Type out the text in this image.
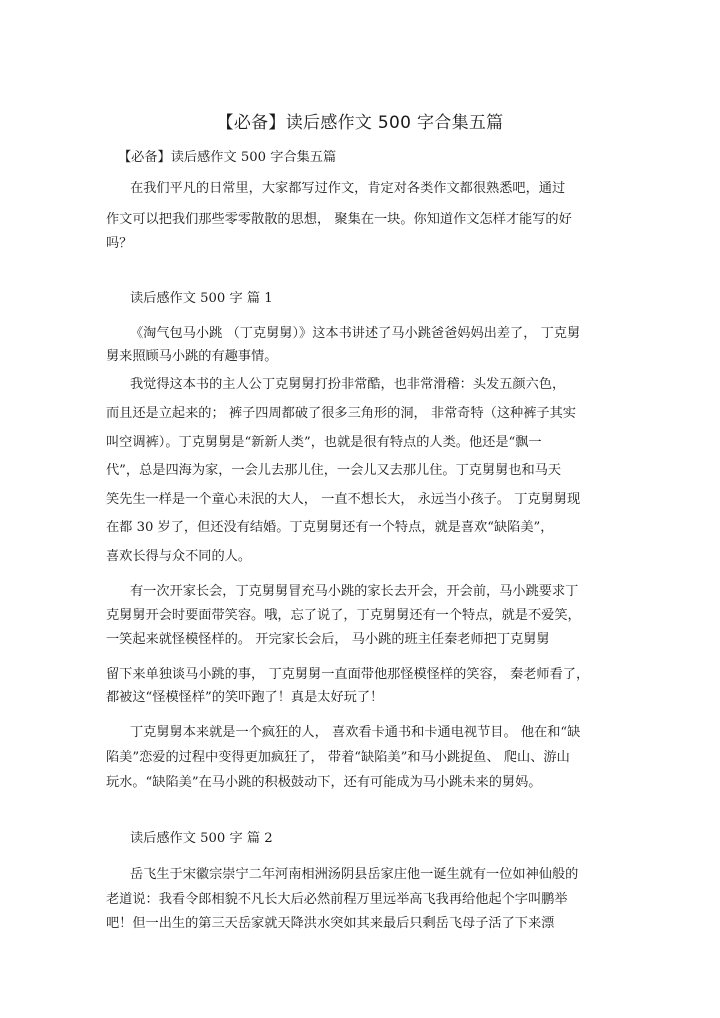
【必备】读后感作文 500 字合集五篇
【必备】读后感作文 500 字合集五篇
在我们平凡的日常里，大家都写过作文，肯定对各类作文都很熟悉吧，通过
作文可以把我们那些零零散散的思想， 聚集在一块。你知道作文怎样才能写的好
吗？
读后感作文 500 字 篇 1
《淘气包马小跳 （丁克舅舅）》这本书讲述了马小跳爸爸妈妈出差了， 丁克舅
舅来照顾马小跳的有趣事情。
我觉得这本书的主人公丁克舅舅打扮非常酷，也非常滑稽：头发五颜六色，
而且还是立起来的； 裤子四周都破了很多三角形的洞， 非常奇特（这种裤子其实
叫空调裤）。丁克舅舅是“新新人类”，也就是很有特点的人类。他还是“飘一
代”，总是四海为家，一会儿去那儿住，一会儿又去那儿住。丁克舅舅也和马天
笑先生一样是一个童心未泯的大人， 一直不想长大， 永远当小孩子。 丁克舅舅现
在都 30 岁了，但还没有结婚。丁克舅舅还有一个特点，就是喜欢“缺陷美”，
喜欢长得与众不同的人。
有一次开家长会，丁克舅舅冒充马小跳的家长去开会，开会前，马小跳要求丁
克舅舅开会时要面带笑容。哦，忘了说了，丁克舅舅还有一个特点，就是不爱笑，
一笑起来就怪模怪样的。 开完家长会后， 马小跳的班主任秦老师把丁克舅舅
留下来单独谈马小跳的事， 丁克舅舅一直面带他那怪模怪样的笑容， 秦老师看了，
都被这“怪模怪样”的笑吓跑了！真是太好玩了！
丁克舅舅本来就是一个疯狂的人， 喜欢看卡通书和卡通电视节目。 他在和“缺
陷美”恋爱的过程中变得更加疯狂了， 带着“缺陷美”和马小跳捉鱼、 爬山、游山
玩水。“缺陷美”在马小跳的积极鼓动下，还有可能成为马小跳未来的舅妈。
读后感作文 500 字 篇 2
岳飞生于宋徽宗崇宁二年河南相洲汤阴县岳家庄他一诞生就有一位如神仙般的
老道说：我看令郎相貌不凡长大后必然前程万里远举高飞我再给他起个字叫鹏举
吧！但一出生的第三天岳家就天降洪水突如其来最后只剩岳飞母子活了下来漂
